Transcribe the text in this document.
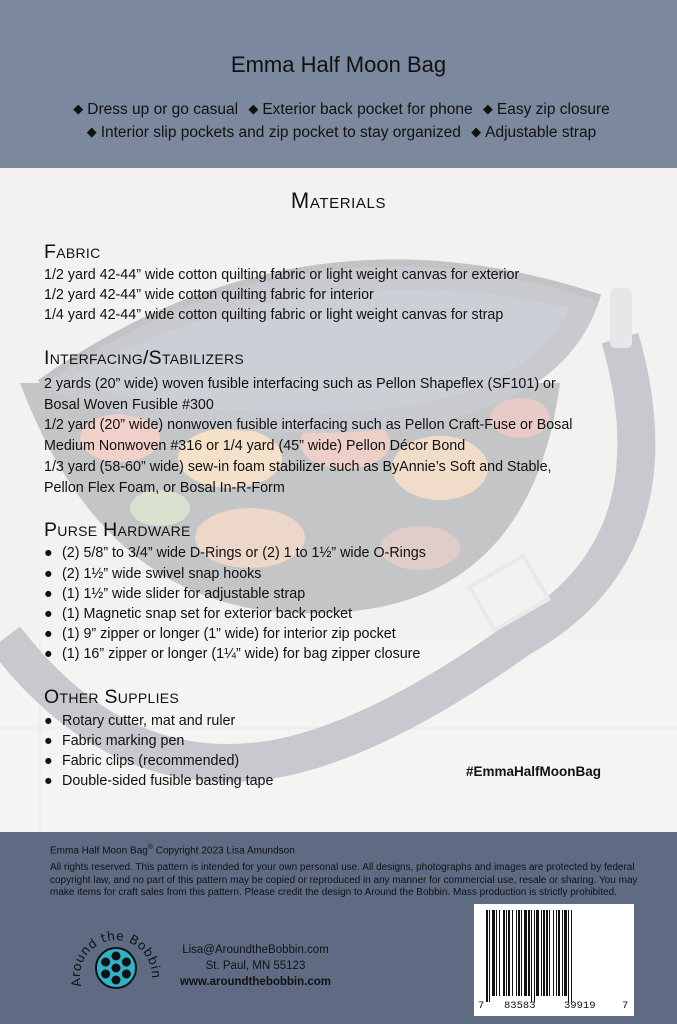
Emma Half Moon Bag
◆ Dress up or go casual ◆ Exterior back pocket for phone ◆ Easy zip closure
◆ Interior slip pockets and zip pocket to stay organized ◆ Adjustable strap
Materials
Fabric
1/2 yard 42-44” wide cotton quilting fabric or light weight canvas for exterior
1/2 yard 42-44” wide cotton quilting fabric for interior
1/4 yard 42-44” wide cotton quilting fabric or light weight canvas for strap
Interfacing/Stabilizers
2 yards (20” wide) woven fusible interfacing such as Pellon Shapeflex (SF101) or
Bosal Woven Fusible #300
1/2 yard (20” wide) nonwoven fusible interfacing such as Pellon Craft-Fuse or Bosal
Medium Nonwoven #316 or 1/4 yard (45” wide) Pellon Décor Bond
1/3 yard (58-60” wide) sew-in foam stabilizer such as ByAnnie’s Soft and Stable,
Pellon Flex Foam, or Bosal In-R-Form
Purse Hardware
● (2) 5/8” to 3/4” wide D-Rings or (2) 1 to 1½” wide O-Rings
● (2) 1½” wide swivel snap hooks
● (1) 1½” wide slider for adjustable strap
● (1) Magnetic snap set for exterior back pocket
● (1) 9” zipper or longer (1” wide) for interior zip pocket
● (1) 16” zipper or longer (1¼” wide) for bag zipper closure
Other Supplies
● Rotary cutter, mat and ruler
● Fabric marking pen
● Fabric clips (recommended)
● Double-sided fusible basting tape
#EmmaHalfMoonBag
Emma Half Moon Bag® Copyright 2023 Lisa Amundson
All rights reserved. This pattern is intended for your own personal use. All designs, photographs and images are protected by federal copyright law, and no part of this pattern may be copied or reproduced in any manner for commercial use, resale or sharing. You may make items for craft sales from this pattern. Please credit the design to Around the Bobbin. Mass production is strictly prohibited.
Around the Bobbin
Lisa@AroundtheBobbin.com
St. Paul, MN 55123
www.aroundthebobbin.com
7 83583	39919	7
